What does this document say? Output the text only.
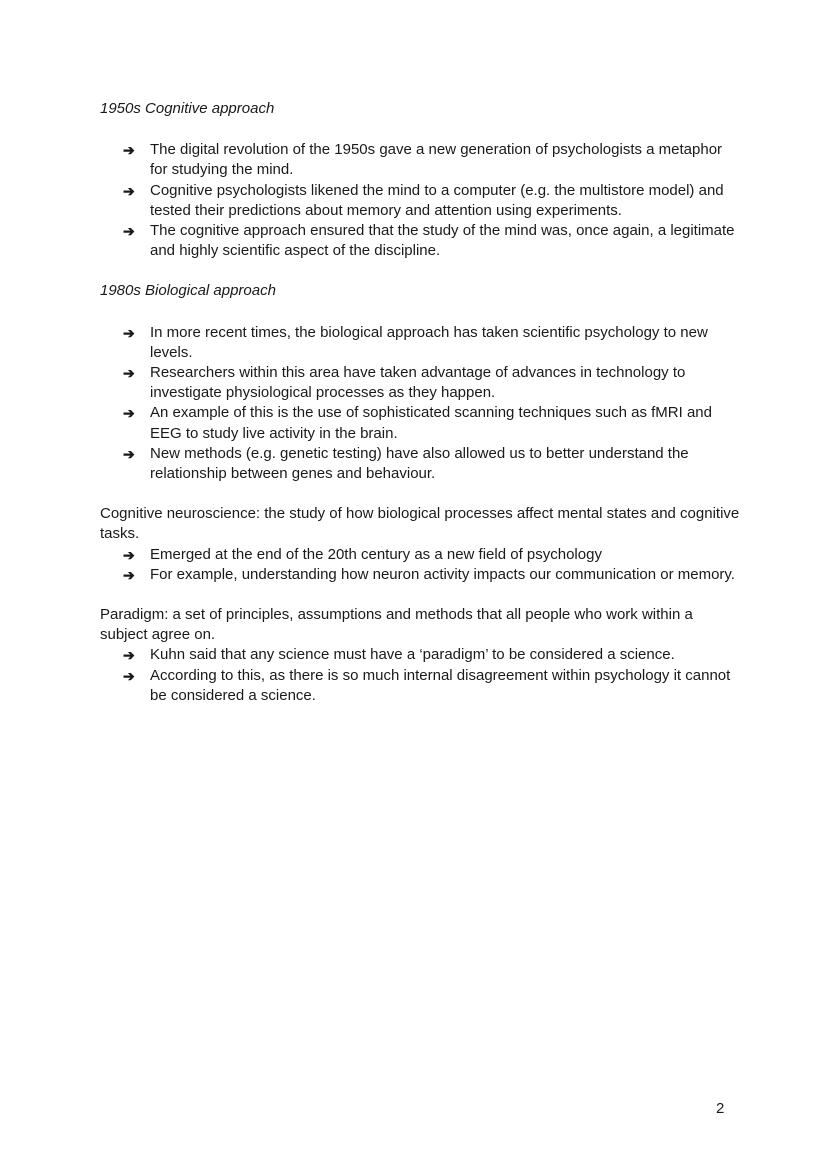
1950s Cognitive approach

➔	The digital revolution of the 1950s gave a new generation of psychologists a metaphor for studying the mind.
➔	Cognitive psychologists likened the mind to a computer (e.g. the multistore model) and tested their predictions about memory and attention using experiments.
➔	The cognitive approach ensured that the study of the mind was, once again, a legitimate and highly scientific aspect of the discipline.

1980s Biological approach

➔	In more recent times, the biological approach has taken scientific psychology to new levels.
➔	Researchers within this area have taken advantage of advances in technology to investigate physiological processes as they happen.
➔	An example of this is the use of sophisticated scanning techniques such as fMRI and EEG to study live activity in the brain.
➔	New methods (e.g. genetic testing) have also allowed us to better understand the relationship between genes and behaviour.

Cognitive neuroscience: the study of how biological processes affect mental states and cognitive tasks.

➔	Emerged at the end of the 20th century as a new field of psychology
➔	For example, understanding how neuron activity impacts our communication or memory.

Paradigm: a set of principles, assumptions and methods that all people who work within a subject agree on.

➔	Kuhn said that any science must have a ‘paradigm’ to be considered a science.
➔	According to this, as there is so much internal disagreement within psychology it cannot be considered a science.
2
